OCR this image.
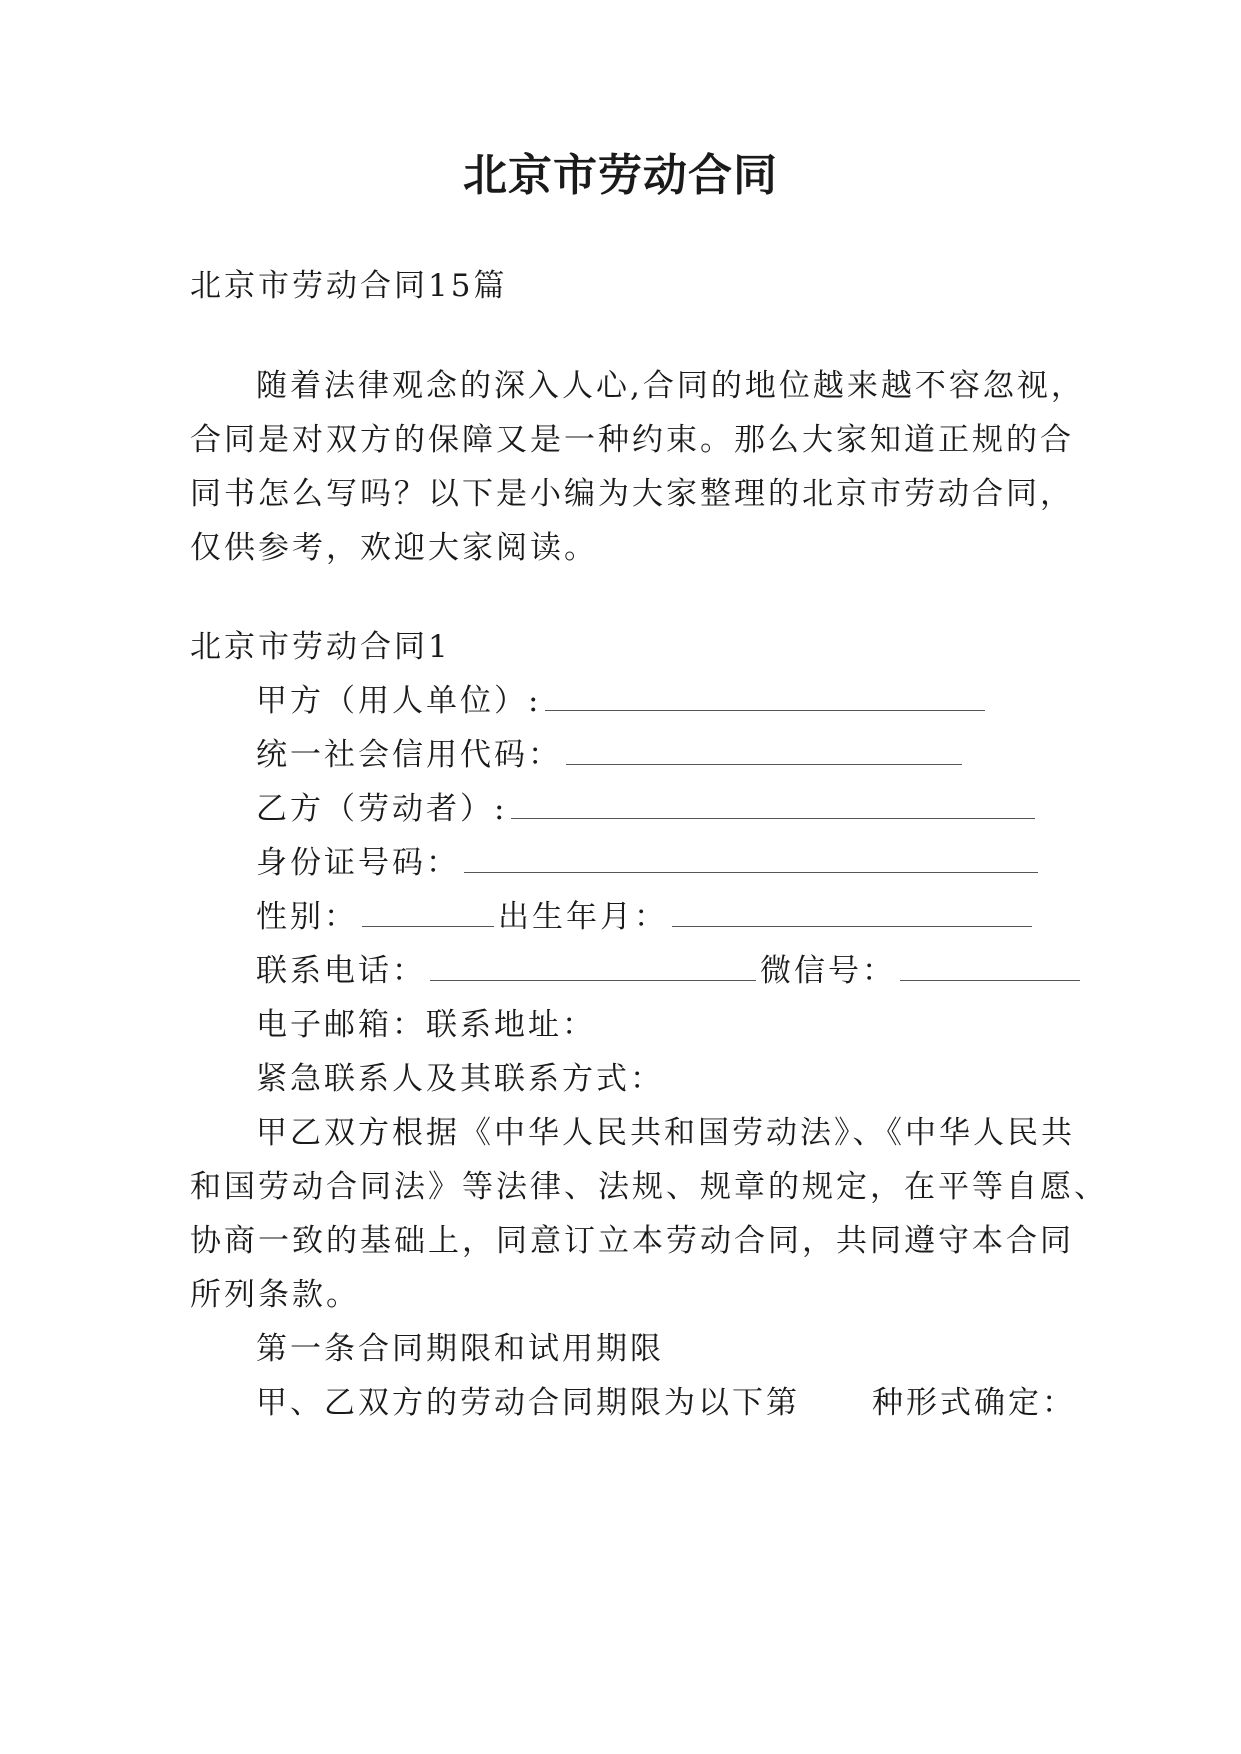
北京市劳动合同
北京市劳动合同15篇
随着法律观念的深入人心,合同的地位越来越不容忽视，
合同是对双方的保障又是一种约束。那么大家知道正规的合
同书怎么写吗？以下是小编为大家整理的北京市劳动合同，
仅供参考，欢迎大家阅读。
北京市劳动合同1
甲方（用人单位）:
统一社会信用代码：
乙方（劳动者）:
身份证号码：
性别：	出生年月：
联系电话：	微信号：
电子邮箱：联系地址：
紧急联系人及其联系方式：
甲乙双方根据《中华人民共和国劳动法》、《中华人民共
和国劳动合同法》等法律、法规、规章的规定，在平等自愿、
协商一致的基础上，同意订立本劳动合同，共同遵守本合同
所列条款。
第一条合同期限和试用期限
甲、乙双方的劳动合同期限为以下第 种形式确定：
